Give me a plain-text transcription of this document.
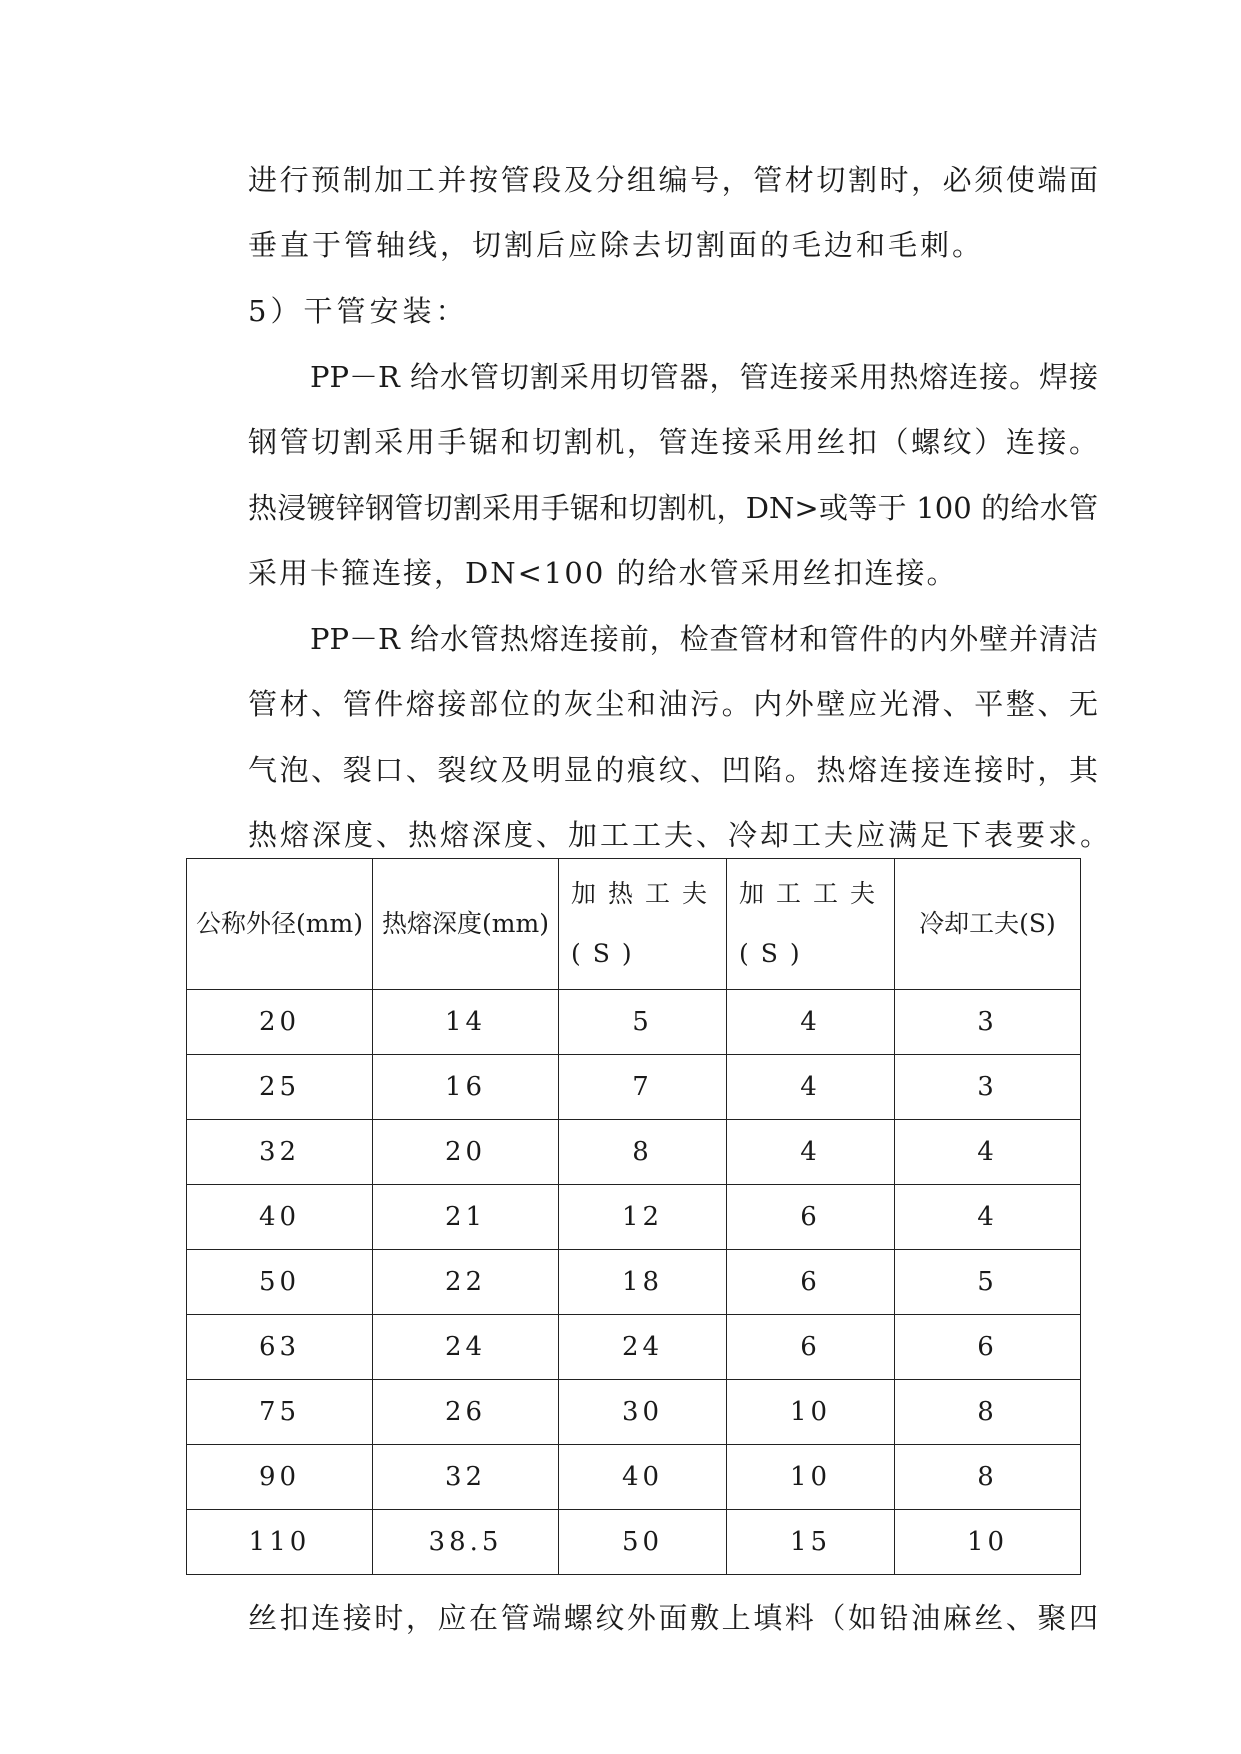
进行预制加工并按管段及分组编号，管材切割时，必须使端面
垂直于管轴线，切割后应除去切割面的毛边和毛刺。
5）干管安装：
PP－R 给水管切割采用切管器，管连接采用热熔连接。焊接
钢管切割采用手锯和切割机，管连接采用丝扣（螺纹）连接。
热浸镀锌钢管切割采用手锯和切割机，DN>或等于 100 的给水管
采用卡箍连接，DN<100 的给水管采用丝扣连接。
PP－R 给水管热熔连接前，检查管材和管件的内外壁并清洁
管材、管件熔接部位的灰尘和油污。内外壁应光滑、平整、无
气泡、裂口、裂纹及明显的痕纹、凹陷。热熔连接连接时，其
热熔深度、热熔深度、加工工夫、冷却工夫应满足下表要求。
公称外径(mm)	热熔深度(mm)	加热工夫(S)	加工工夫(S)	冷却工夫(S)
20	14	5	4	3
25	16	7	4	3
32	20	8	4	4
40	21	12	6	4
50	22	18	6	5
63	24	24	6	6
75	26	30	10	8
90	32	40	10	8
110	38.5	50	15	10
丝扣连接时，应在管端螺纹外面敷上填料（如铅油麻丝、聚四
